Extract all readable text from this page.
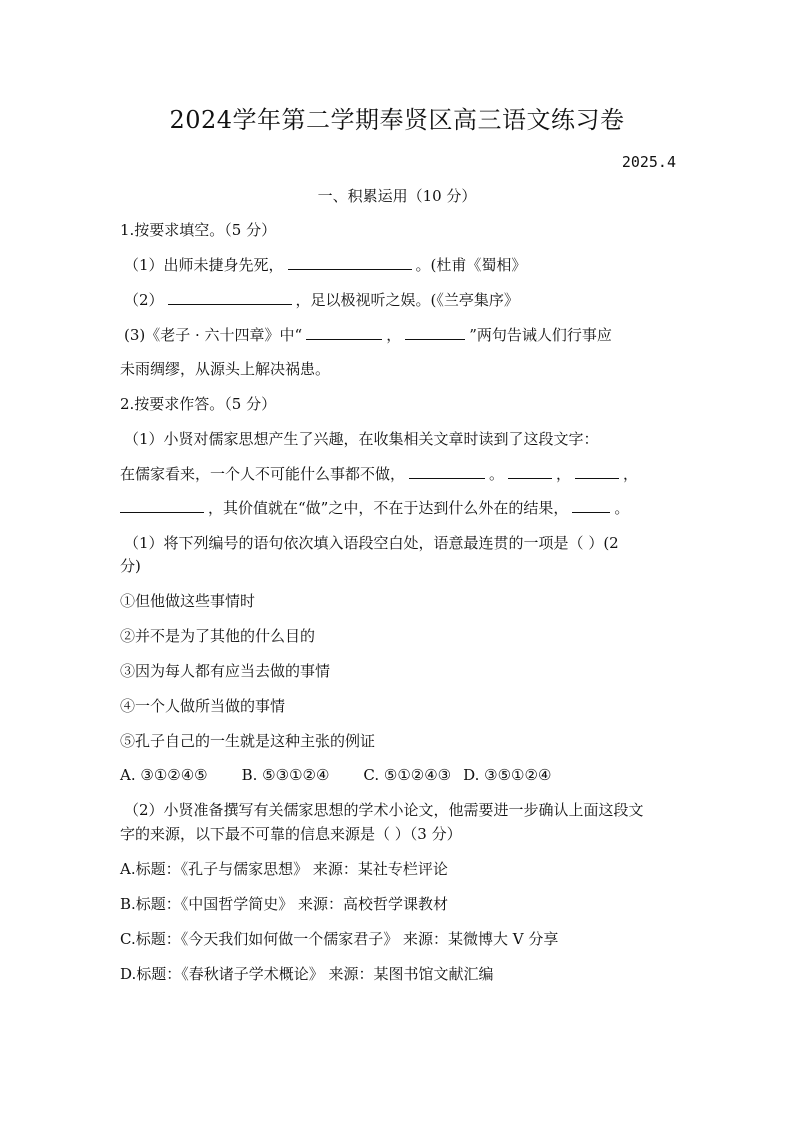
2024学年第二学期奉贤区高三语文练习卷
2025.4
一、积累运用（10 分）
1.按要求填空。（5 分）
（1）出师未捷身先死，	。(杜甫《蜀相》
（2）	，足以极视听之娱。(《兰亭集序》
(3)《老子 · 六十四章》中“	，	”两句告诫人们行事应
未雨绸缪，从源头上解决祸患。
2.按要求作答。（5 分）
（1）小贤对儒家思想产生了兴趣，在收集相关文章时读到了这段文字：
在儒家看来，一个人不可能什么事都不做，	。	，	，
，其价值就在“做”之中，不在于达到什么外在的结果，	。
（1）将下列编号的语句依次填入语段空白处，语意最连贯的一项是（ ）(2
分)
①但他做这些事情时
②并不是为了其他的什么目的
③因为每人都有应当去做的事情
④一个人做所当做的事情
⑤孔子自己的一生就是这种主张的例证
A. ③①②④⑤ B. ⑤③①②④ C. ⑤①②④③ D. ③⑤①②④
（2）小贤准备撰写有关儒家思想的学术小论文，他需要进一步确认上面这段文
字的来源，以下最不可靠的信息来源是（ ）（3 分）
A.标题：《孔子与儒家思想》 来源：某社专栏评论
B.标题：《中国哲学简史》 来源：高校哲学课教材
C.标题：《今天我们如何做一个儒家君子》 来源：某微博大 V 分享
D.标题：《春秋诸子学术概论》 来源：某图书馆文献汇编
